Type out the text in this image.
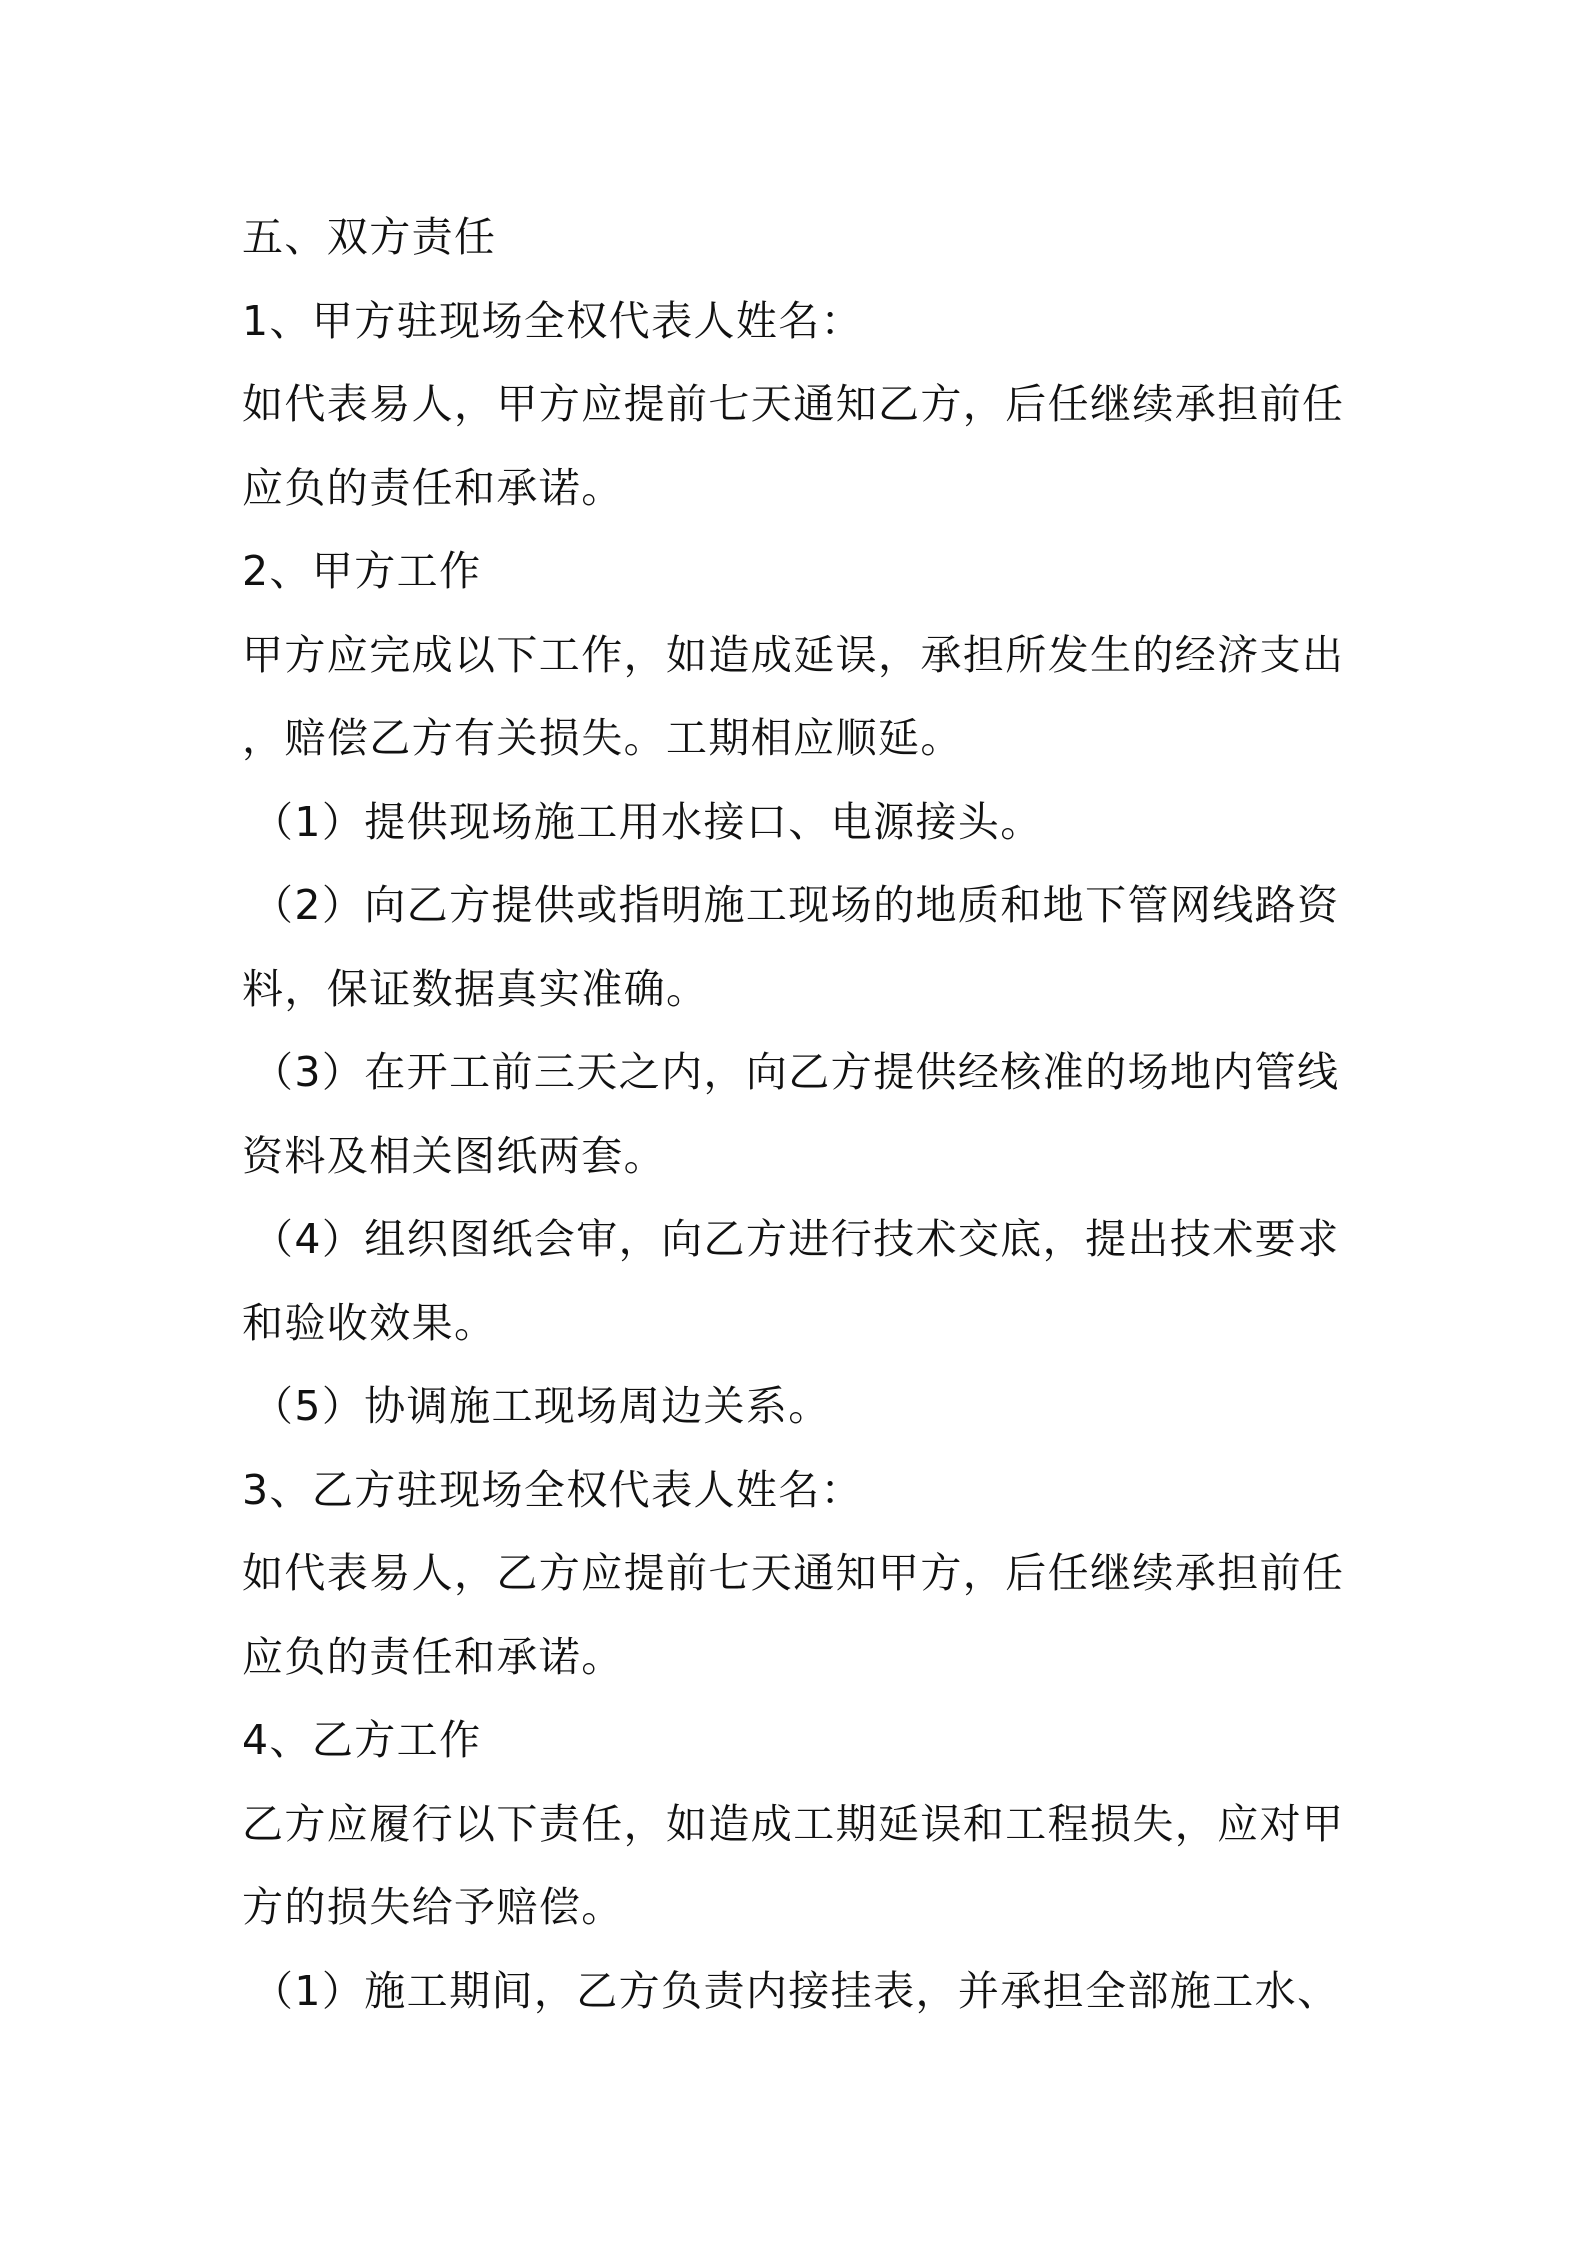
五、双方责任
1、甲方驻现场全权代表人姓名：
如代表易人，甲方应提前七天通知乙方，后任继续承担前任
应负的责任和承诺。
2、甲方工作
甲方应完成以下工作，如造成延误，承担所发生的经济支出
，赔偿乙方有关损失。工期相应顺延。
（1）提供现场施工用水接口、电源接头。
（2）向乙方提供或指明施工现场的地质和地下管网线路资
料，保证数据真实准确。
（3）在开工前三天之内，向乙方提供经核准的场地内管线
资料及相关图纸两套。
（4）组织图纸会审，向乙方进行技术交底，提出技术要求
和验收效果。
（5）协调施工现场周边关系。
3、乙方驻现场全权代表人姓名：
如代表易人，乙方应提前七天通知甲方，后任继续承担前任
应负的责任和承诺。
4、乙方工作
乙方应履行以下责任，如造成工期延误和工程损失，应对甲
方的损失给予赔偿。
（1）施工期间，乙方负责内接挂表，并承担全部施工水、
